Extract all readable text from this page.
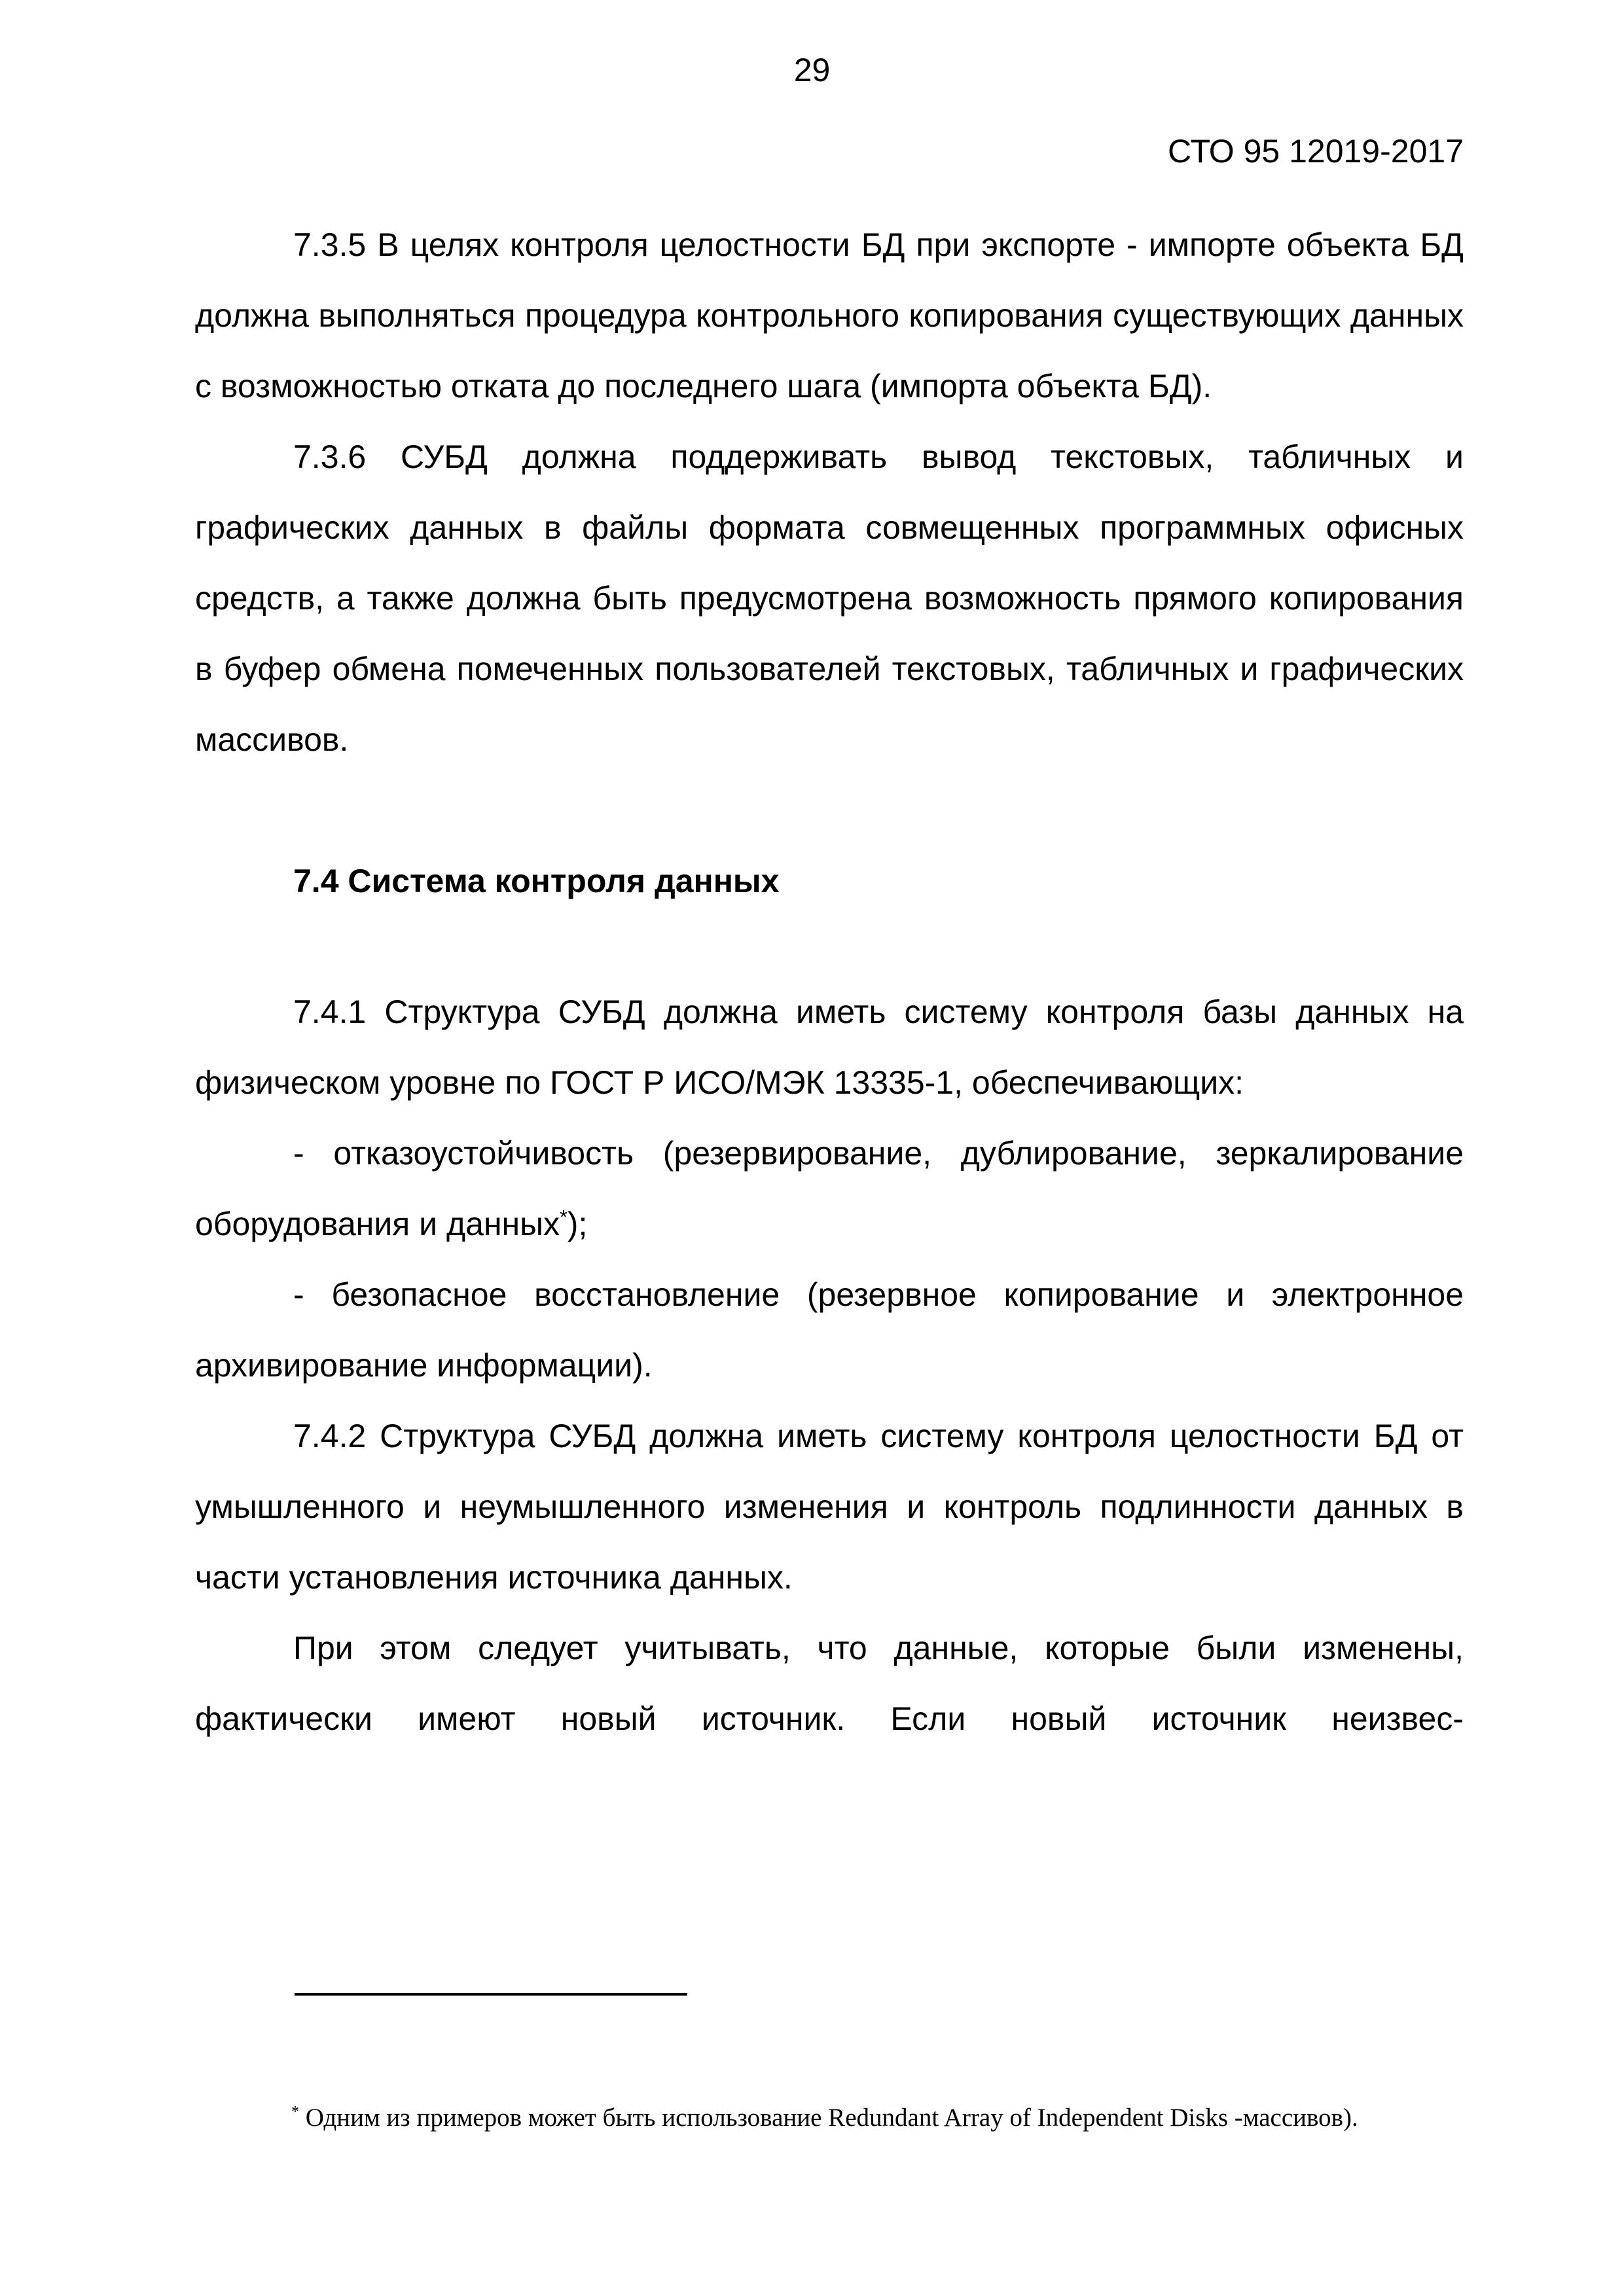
29
СТО 95 12019-2017

7.3.5 В целях контроля целостности БД при экспорте - импорте объекта БД должна выполняться процедура контрольного копирования существующих данных с возможностью отката до последнего шага (импорта объекта БД).

7.3.6 СУБД должна поддерживать вывод текстовых, табличных и графических данных в файлы формата совмещенных программных офисных средств, а также должна быть предусмотрена возможность прямого копирования в буфер обмена помеченных пользователей текстовых, табличных и графических массивов.

7.4 Система контроля данных

7.4.1 Структура СУБД должна иметь систему контроля базы данных на физическом уровне по ГОСТ Р ИСО/МЭК 13335-1, обеспечивающих:

- отказоустойчивость (резервирование, дублирование, зеркалирование оборудования и данных*);

- безопасное восстановление (резервное копирование и электронное архивирование информации).

7.4.2 Структура СУБД должна иметь систему контроля целостности БД от умышленного и неумышленного изменения и контроль подлинности данных в части установления источника данных.

При этом следует учитывать, что данные, которые были изменены, фактически имеют новый источник. Если новый источник неизвес-

* Одним из примеров может быть использование Redundant Array of Independent Disks -массивов).
